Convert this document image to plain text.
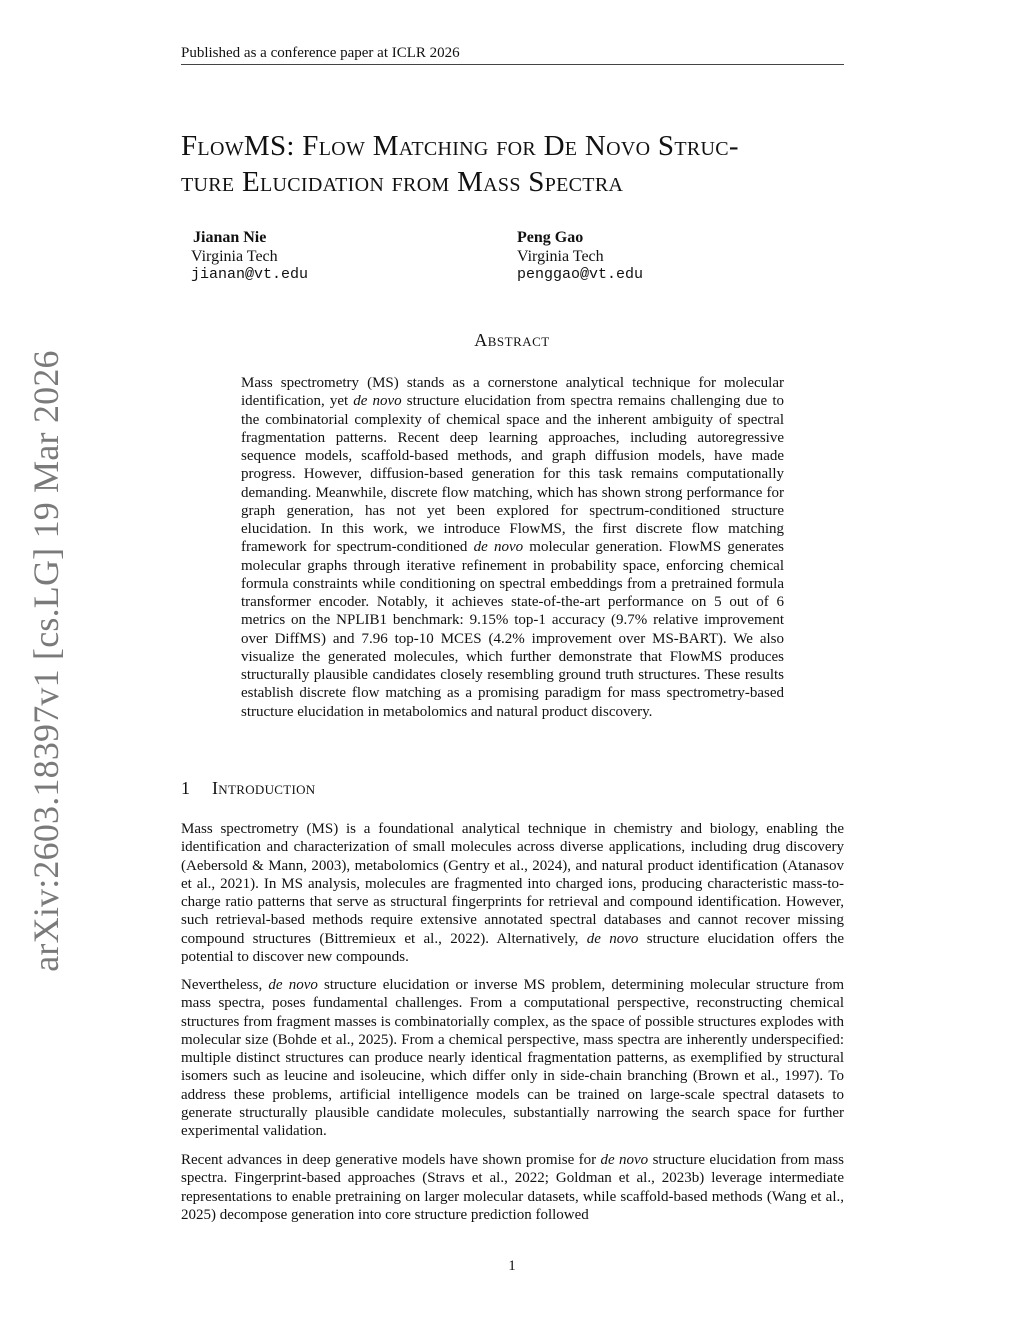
Published as a conference paper at ICLR 2026
FlowMS: Flow Matching for De Novo Struc-
ture Elucidation from Mass Spectra
Jianan Nie
Virginia Tech
jianan@vt.edu
Peng Gao
Virginia Tech
penggao@vt.edu
Abstract

Mass spectrometry (MS) stands as a cornerstone analytical technique for molecular identification, yet de novo structure elucidation from spectra remains challenging due to the combinatorial complexity of chemical space and the inherent ambiguity of spectral fragmentation patterns. Recent deep learning approaches, including autoregressive sequence models, scaffold-based methods, and graph diffusion models, have made progress. However, diffusion-based generation for this task remains computationally demanding. Meanwhile, discrete flow matching, which has shown strong performance for graph generation, has not yet been explored for spectrum-conditioned structure elucidation. In this work, we introduce FlowMS, the first discrete flow matching framework for spectrum-conditioned de novo molecular generation. FlowMS generates molecular graphs through iterative refinement in probability space, enforcing chemical formula constraints while conditioning on spectral embeddings from a pretrained formula transformer encoder. Notably, it achieves state-of-the-art performance on 5 out of 6 metrics on the NPLIB1 benchmark: 9.15% top-1 accuracy (9.7% relative improvement over DiffMS) and 7.96 top-10 MCES (4.2% improvement over MS-BART). We also visualize the generated molecules, which further demonstrate that FlowMS produces structurally plausible candidates closely resembling ground truth structures. These results establish discrete flow matching as a promising paradigm for mass spectrometry-based structure elucidation in metabolomics and natural product discovery.

1 Introduction

Mass spectrometry (MS) is a foundational analytical technique in chemistry and biology, enabling the identification and characterization of small molecules across diverse applications, including drug discovery (Aebersold & Mann, 2003), metabolomics (Gentry et al., 2024), and natural product identification (Atanasov et al., 2021). In MS analysis, molecules are fragmented into charged ions, producing characteristic mass-to-charge ratio patterns that serve as structural fingerprints for retrieval and compound identification. However, such retrieval-based methods require extensive annotated spectral databases and cannot recover missing compound structures (Bittremieux et al., 2022). Alternatively, de novo structure elucidation offers the potential to discover new compounds.

Nevertheless, de novo structure elucidation or inverse MS problem, determining molecular structure from mass spectra, poses fundamental challenges. From a computational perspective, reconstructing chemical structures from fragment masses is combinatorially complex, as the space of possible structures explodes with molecular size (Bohde et al., 2025). From a chemical perspective, mass spectra are inherently underspecified: multiple distinct structures can produce nearly identical fragmentation patterns, as exemplified by structural isomers such as leucine and isoleucine, which differ only in side-chain branching (Brown et al., 1997). To address these problems, artificial intelligence models can be trained on large-scale spectral datasets to generate structurally plausible candidate molecules, substantially narrowing the search space for further experimental validation.

Recent advances in deep generative models have shown promise for de novo structure elucidation from mass spectra. Fingerprint-based approaches (Stravs et al., 2022; Goldman et al., 2023b) leverage intermediate representations to enable pretraining on larger molecular datasets, while scaffold-based methods (Wang et al., 2025) decompose generation into core structure prediction followed

1
arXiv:2603.18397v1 [cs.LG] 19 Mar 2026
